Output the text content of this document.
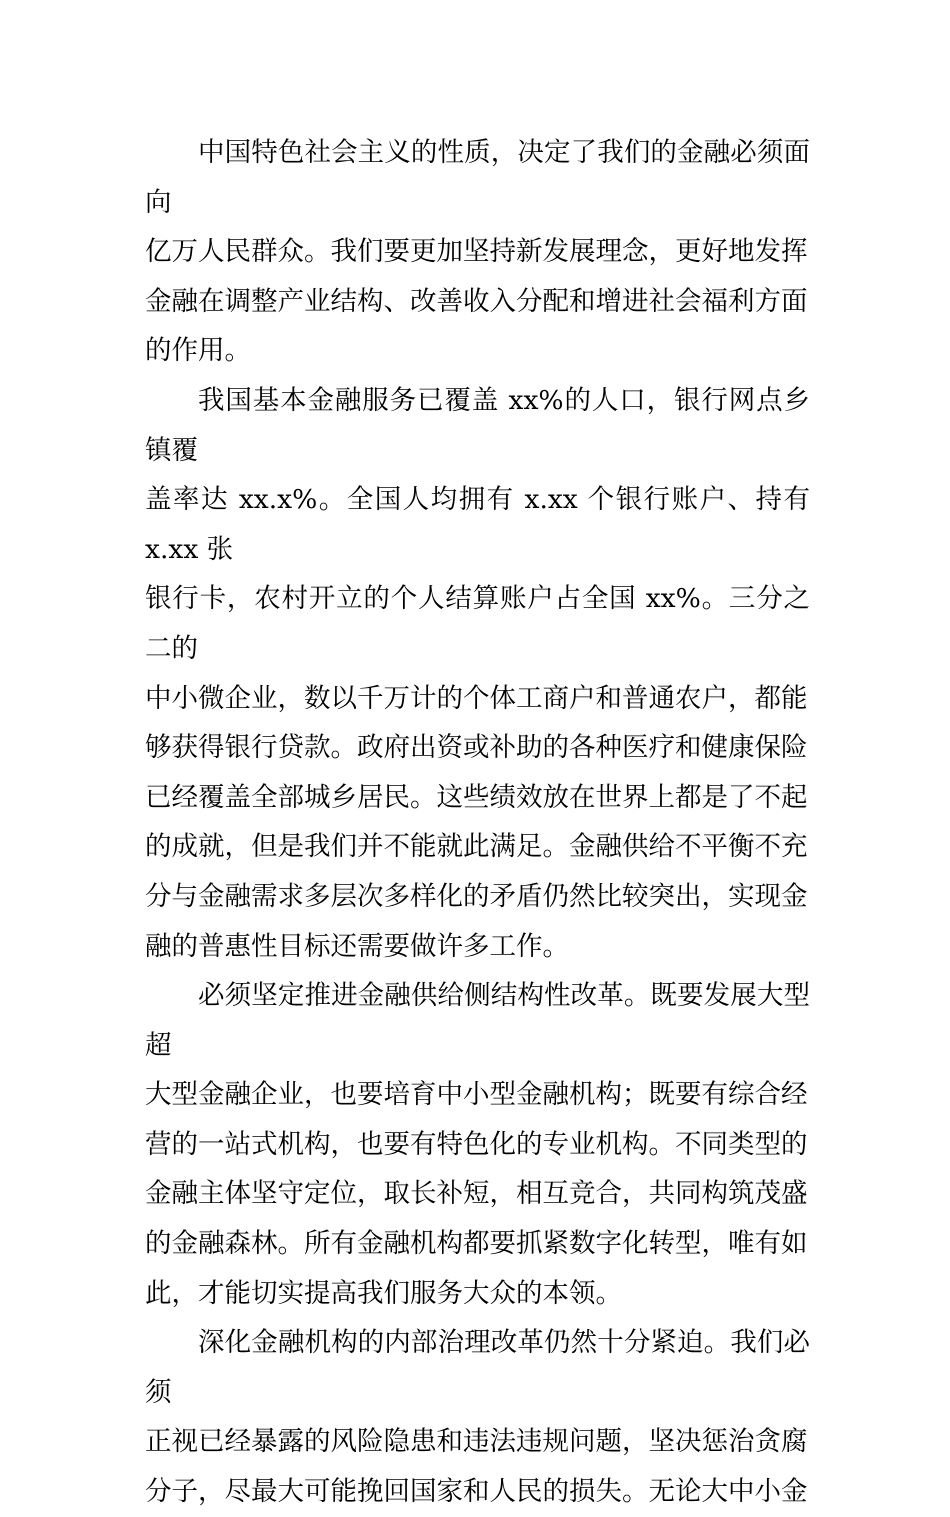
中国特色社会主义的性质，决定了我们的金融必须面向
亿万人民群众。我们要更加坚持新发展理念，更好地发挥
金融在调整产业结构、改善收入分配和增进社会福利方面
的作用。

我国基本金融服务已覆盖 xx%的人口，银行网点乡镇覆
盖率达 xx.x%。全国人均拥有 x.xx 个银行账户、持有 x.xx 张
银行卡，农村开立的个人结算账户占全国 xx%。三分之二的
中小微企业，数以千万计的个体工商户和普通农户，都能
够获得银行贷款。政府出资或补助的各种医疗和健康保险
已经覆盖全部城乡居民。这些绩效放在世界上都是了不起
的成就，但是我们并不能就此满足。金融供给不平衡不充
分与金融需求多层次多样化的矛盾仍然比较突出，实现金
融的普惠性目标还需要做许多工作。

必须坚定推进金融供给侧结构性改革。既要发展大型超
大型金融企业，也要培育中小型金融机构；既要有综合经
营的一站式机构，也要有特色化的专业机构。不同类型的
金融主体坚守定位，取长补短，相互竞合，共同构筑茂盛
的金融森林。所有金融机构都要抓紧数字化转型，唯有如
此，才能切实提高我们服务大众的本领。

深化金融机构的内部治理改革仍然十分紧迫。我们必须
正视已经暴露的风险隐患和违法违规问题，坚决惩治贪腐
分子，尽最大可能挽回国家和人民的损失。无论大中小金
